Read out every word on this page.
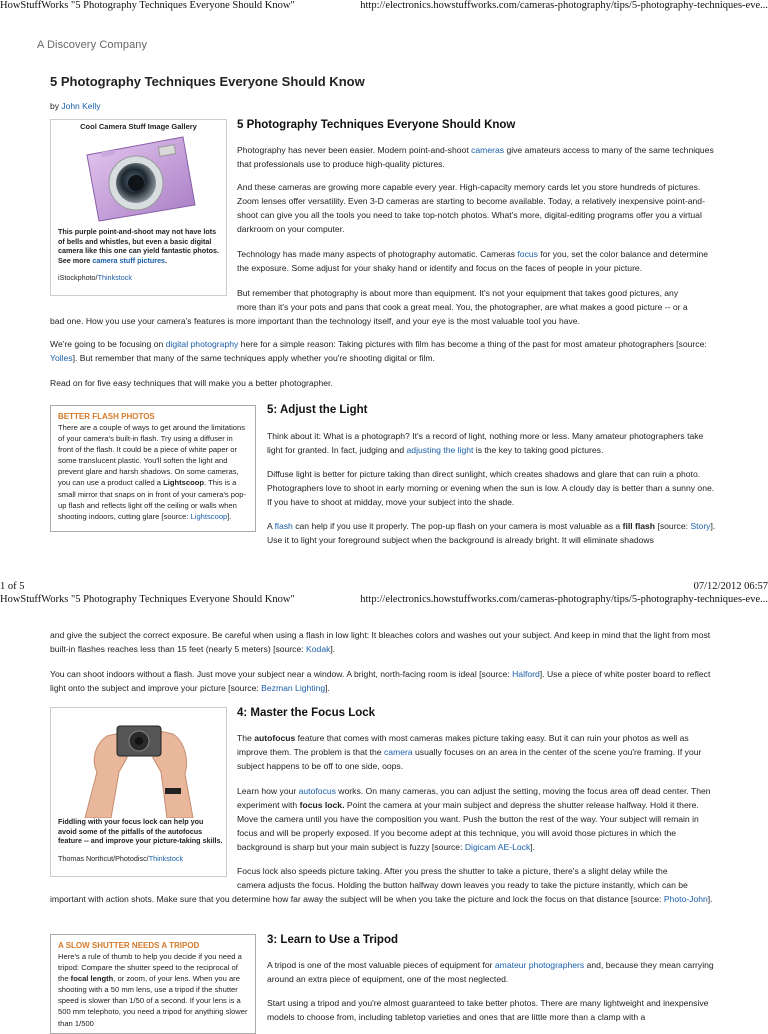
HowStuffWorks "5 Photography Techniques Everyone Should Know"	http://electronics.howstuffworks.com/cameras-photography/tips/5-photography-techniques-eve...
A Discovery Company
5 Photography Techniques Everyone Should Know
by John Kelly
Cool Camera Stuff Image Gallery
This purple point-and-shoot may not have lots of bells and whistles, but even a basic digital camera like this one can yield fantastic photos. See more camera stuff pictures.
iStockphoto/Thinkstock
5 Photography Techniques Everyone Should Know

Photography has never been easier. Modern point-and-shoot cameras give amateurs access to many of the same techniques that professionals use to produce high-quality pictures.

And these cameras are growing more capable every year. High-capacity memory cards let you store hundreds of pictures. Zoom lenses offer versatility. Even 3-D cameras are starting to become available. Today, a relatively inexpensive point-and-shoot can give you all the tools you need to take top-notch photos. What's more, digital-editing programs offer you a virtual darkroom on your computer.

Technology has made many aspects of photography automatic. Cameras focus for you, set the color balance and determine the exposure. Some adjust for your shaky hand or identify and focus on the faces of people in your picture.

But remember that photography is about more than equipment. It's not your equipment that takes good pictures, any

more than it's your pots and pans that cook a great meal. You, the photographer, are what makes a good picture -- or a

bad one. How you use your camera's features is more important than the technology itself, and your eye is the most valuable tool you have.

We're going to be focusing on digital photography here for a simple reason: Taking pictures with film has become a thing of the past for most amateur photographers [source: Yolles]. But remember that many of the same techniques apply whether you're shooting digital or film.

Read on for five easy techniques that will make you a better photographer.

BETTER FLASH PHOTOS
There are a couple of ways to get around the limitations of your camera's built-in flash. Try using a diffuser in front of the flash. It could be a piece of white paper or some translucent plastic. You'll soften the light and prevent glare and harsh shadows. On some cameras, you can use a product called a Lightscoop. This is a small mirror that snaps on in front of your camera's pop-up flash and reflects light off the ceiling or walls when shooting indoors, cutting glare [source: Lightscoop].
5: Adjust the Light

Think about it: What is a photograph? It's a record of light, nothing more or less. Many amateur photographers take light for granted. In fact, judging and adjusting the light is the key to taking good pictures.

Diffuse light is better for picture taking than direct sunlight, which creates shadows and glare that can ruin a photo. Photographers love to shoot in early morning or evening when the sun is low. A cloudy day is better than a sunny one. If you have to shoot at midday, move your subject into the shade.

A flash can help if you use it properly. The pop-up flash on your camera is most valuable as a fill flash [source: Story]. Use it to light your foreground subject when the background is already bright. It will eliminate shadows

1 of 5	07/12/2012 06:57
HowStuffWorks "5 Photography Techniques Everyone Should Know"	http://electronics.howstuffworks.com/cameras-photography/tips/5-photography-techniques-eve...

and give the subject the correct exposure. Be careful when using a flash in low light: It bleaches colors and washes out your subject. And keep in mind that the light from most built-in flashes reaches less than 15 feet (nearly 5 meters) [source: Kodak].

You can shoot indoors without a flash. Just move your subject near a window. A bright, north-facing room is ideal [source: Halford]. Use a piece of white poster board to reflect light onto the subject and improve your picture [source: Bezman Lighting].

Fiddling with your focus lock can help you avoid some of the pitfalls of the autofocus feature -- and improve your picture-taking skills.
Thomas Northcut/Photodisc/Thinkstock
4: Master the Focus Lock

The autofocus feature that comes with most cameras makes picture taking easy. But it can ruin your photos as well as improve them. The problem is that the camera usually focuses on an area in the center of the scene you're framing. If your subject happens to be off to one side, oops.

Learn how your autofocus works. On many cameras, you can adjust the setting, moving the focus area off dead center. Then experiment with focus lock. Point the camera at your main subject and depress the shutter release halfway. Hold it there. Move the camera until you have the composition you want. Push the button the rest of the way. Your subject will remain in focus and will be properly exposed. If you become adept at this technique, you will avoid those pictures in which the background is sharp but your main subject is fuzzy [source: Digicam AE-Lock].

Focus lock also speeds picture taking. After you press the shutter to take a picture, there's a slight delay while the

camera adjusts the focus. Holding the button halfway down leaves you ready to take the picture instantly, which can be

important with action shots. Make sure that you determine how far away the subject will be when you take the picture and lock the focus on that distance [source: Photo-John].

A SLOW SHUTTER NEEDS A TRIPOD
Here's a rule of thumb to help you decide if you need a tripod: Compare the shutter speed to the reciprocal of the focal length, or zoom, of your lens. When you are shooting with a 50 mm lens, use a tripod if the shutter speed is slower than 1/50 of a second. If your lens is a 500 mm telephoto, you need a tripod for anything slower than 1/500
3: Learn to Use a Tripod

A tripod is one of the most valuable pieces of equipment for amateur photographers and, because they mean carrying around an extra piece of equipment, one of the most neglected.

Start using a tripod and you're almost guaranteed to take better photos. There are many lightweight and inexpensive models to choose from, including tabletop varieties and ones that are little more than a clamp with a
